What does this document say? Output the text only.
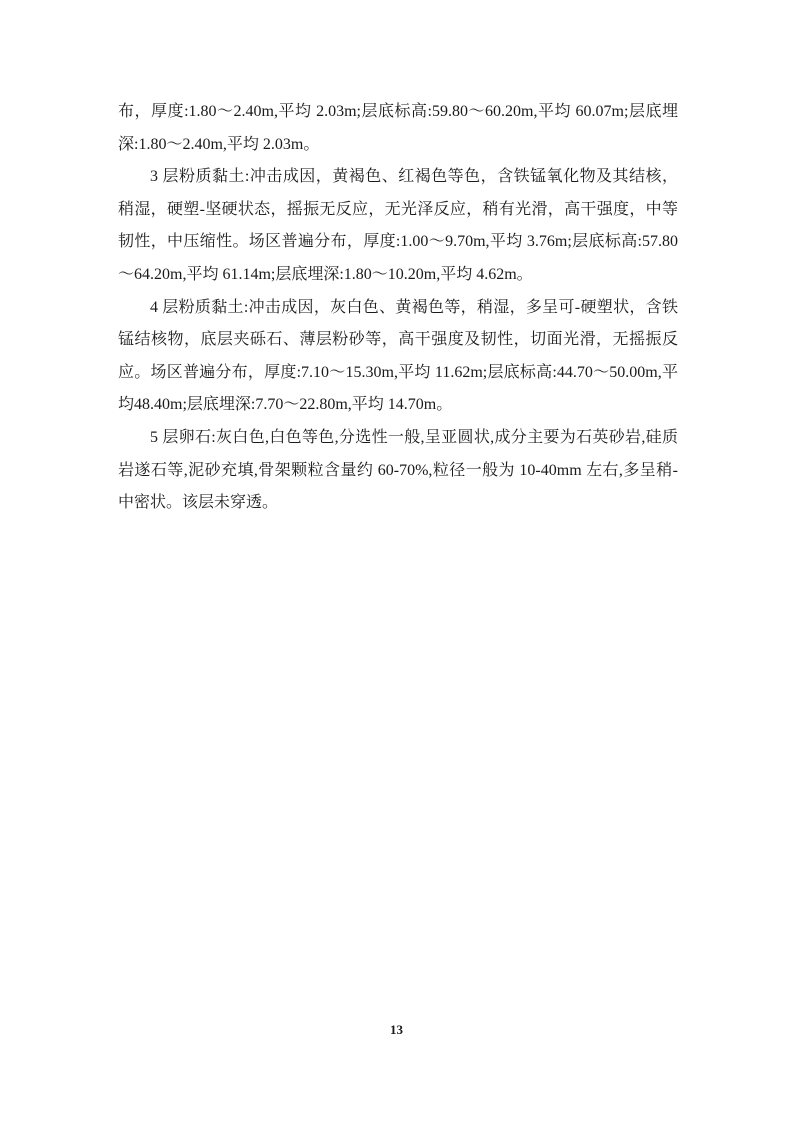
布，厚度:1.80～2.40m,平均 2.03m;层底标高:59.80～60.20m,平均 60.07m;层底埋深:1.80～2.40m,平均 2.03m。

3 层粉质黏土:冲击成因，黄褐色、红褐色等色，含铁锰氧化物及其结核，稍湿，硬塑-坚硬状态，摇振无反应，无光泽反应，稍有光滑，高干强度，中等韧性，中压缩性。场区普遍分布，厚度:1.00～9.70m,平均 3.76m;层底标高:57.80～64.20m,平均 61.14m;层底埋深:1.80～10.20m,平均 4.62m。

4 层粉质黏土:冲击成因，灰白色、黄褐色等，稍湿，多呈可-硬塑状，含铁锰结核物，底层夹砾石、薄层粉砂等，高干强度及韧性，切面光滑，无摇振反应。场区普遍分布，厚度:7.10～15.30m,平均 11.62m;层底标高:44.70～50.00m,平均48.40m;层底埋深:7.70～22.80m,平均 14.70m。

5 层卵石:灰白色,白色等色,分选性一般,呈亚圆状,成分主要为石英砂岩,硅质岩遂石等,泥砂充填,骨架颗粒含量约 60-70%,粒径一般为 10-40mm 左右,多呈稍-中密状。该层未穿透。

13
